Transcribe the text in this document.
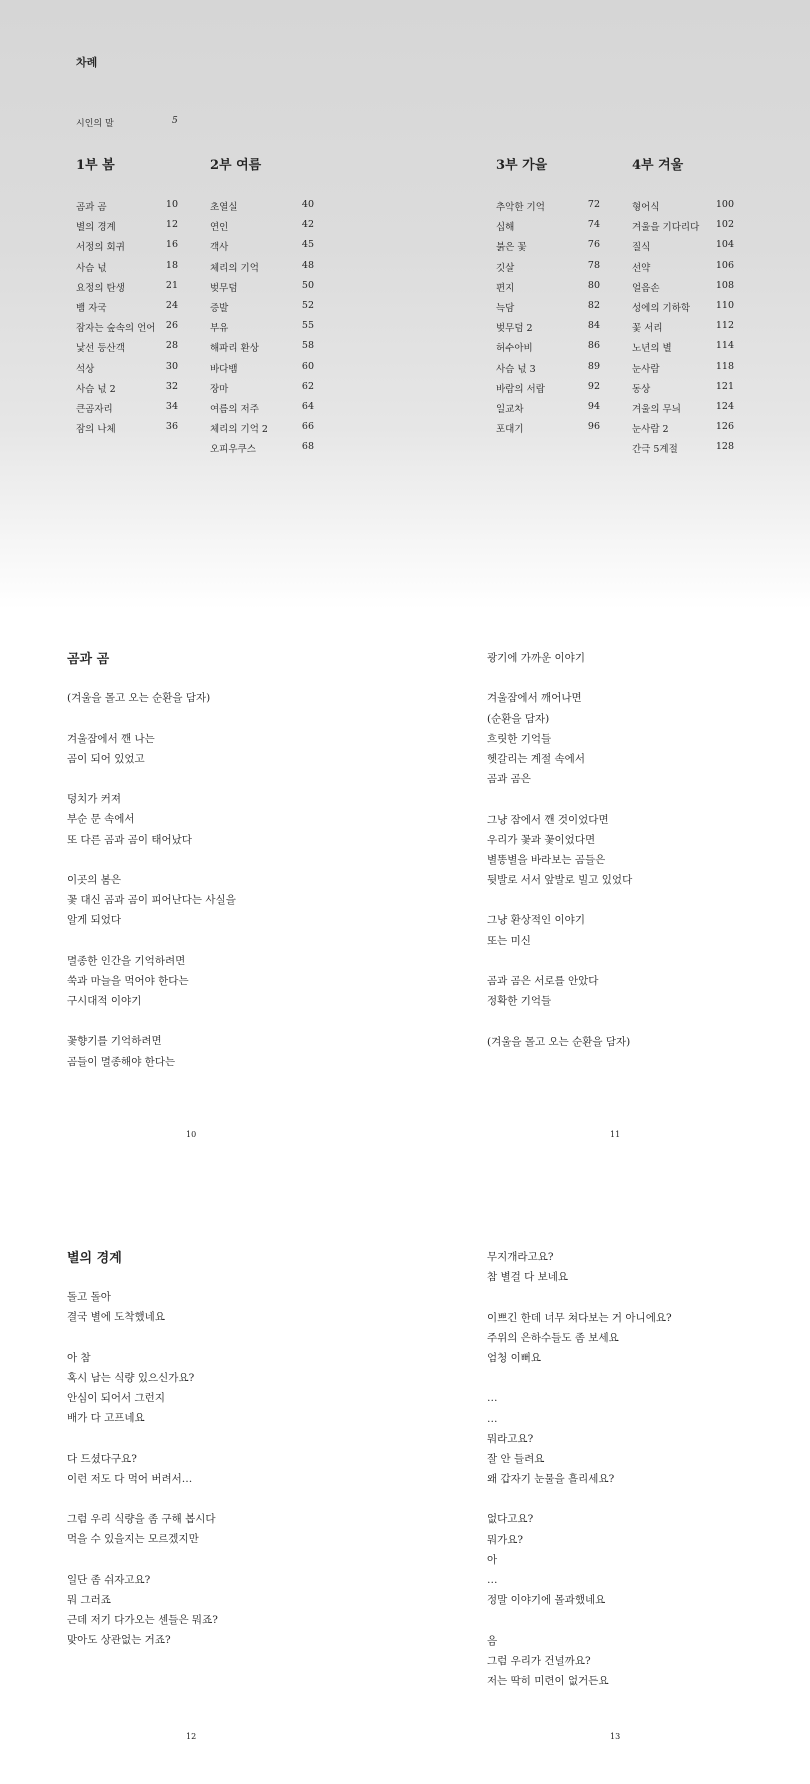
차례
시인의 말	5
1부 봄
곰과 곰	10
별의 경계	12
서정의 회귀	16
사슴 넋	18
요정의 탄생	21
뱀 자국	24
잠자는 숲속의 언어 26
낯선 등산객	28
석상	30
사슴 넋 2	32
큰곰자리	34
잠의 나체	36
2부 여름
초열실	40
연인	42
객사	45
체리의 기억	48
벚무덤	50
증발	52
부유	55
해파리 환상	58
바다뱀	60
장마	62
여름의 저주	64
체리의 기억 2	66
오피우쿠스	68
3부 가을
추악한 기억	72
십해	74
붉은 꽃	76
깃살	78
편지	80
늑담	82
벚무덤 2	84
허수아비	86
사슴 넋 3	89
바람의 서랍	92
일교차	94
포대기	96
4부 겨울
형어식	100
겨울을 기다리다 102
질식	104
선약	106
얼음손	108
성에의 기하학	110
꽃 서리	112
노년의 별	114
눈사람	118
동상	121
겨울의 무늬	124
눈사람 2	126
간극 5계절	128
곰과 곰
(겨울을 몰고 오는 순환을 담자)
겨울잠에서 깬 나는
곰이 되어 있었고
덩치가 커져
부순 문 속에서
또 다른 곰과 곰이 태어났다
이곳의 봄은
꽃 대신 곰과 곰이 피어난다는 사실을
알게 되었다
멸종한 인간을 기억하려면
쑥과 마늘을 먹어야 한다는
구시대적 이야기
꽃향기를 기억하려면
곰들이 멸종해야 한다는
10
광기에 가까운 이야기
겨울잠에서 깨어나면
(순환을 담자)
흐릿한 기억들
헷갈리는 계절 속에서
곰과 곰은
그냥 잠에서 깬 것이었다면
우리가 꽃과 꽃이었다면
별똥별을 바라보는 곰들은
뒷발로 서서 앞발로 빌고 있었다
그냥 환상적인 이야기
또는 미신
곰과 곰은 서로를 안았다
정확한 기억들
(겨울을 몰고 오는 순환을 담자)
11
별의 경계
돌고 돌아
결국 별에 도착했네요
아 참
혹시 남는 식량 있으신가요?
안심이 되어서 그런지
배가 다 고프네요
다 드셨다구요?
이런 저도 다 먹어 버려서…
그럼 우리 식량을 좀 구해 봅시다
먹을 수 있을지는 모르겠지만
일단 좀 쉬자고요?
뭐 그러죠
근데 저기 다가오는 센들은 뭐죠?
맞아도 상관없는 거죠?
12
무지개라고요?
참 별걸 다 보네요
이쁘긴 한데 너무 쳐다보는 거 아니에요?
주위의 은하수들도 좀 보세요
엄청 이뻐요
…
…
뭐라고요?
잘 안 들려요
왜 갑자기 눈물을 흘리세요?
없다고요?
뭐가요?
아
…
정말 이야기에 몰과했네요
음
그럼 우리가 건널까요?
저는 딱히 미련이 없거든요
13
